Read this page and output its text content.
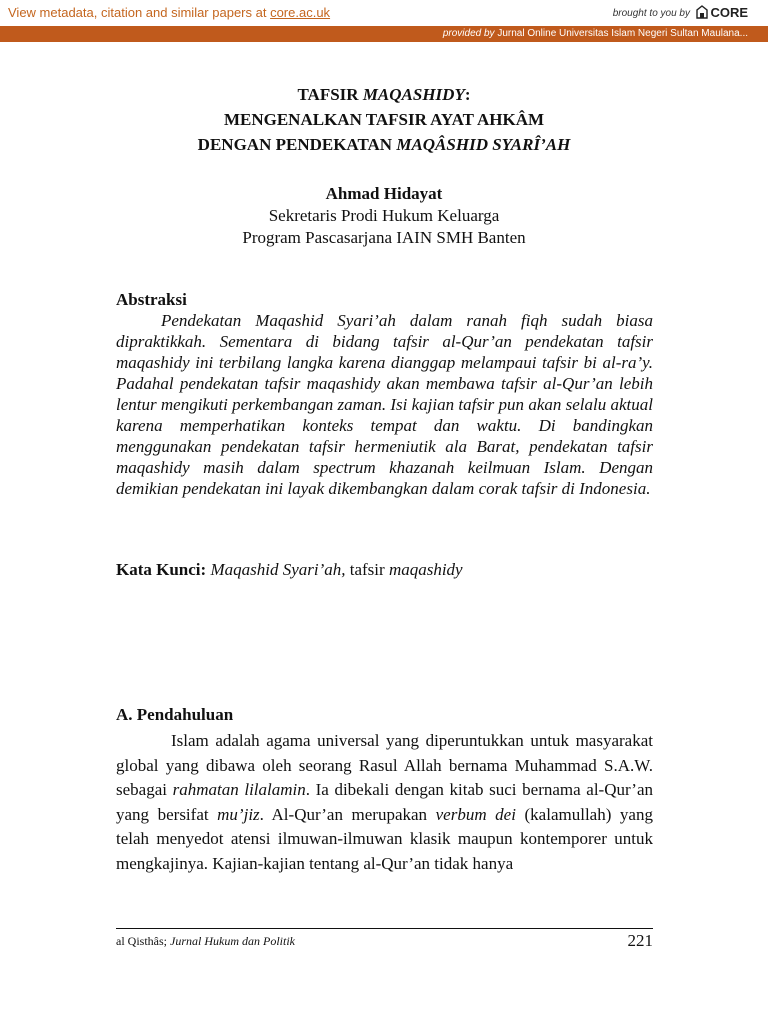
View metadata, citation and similar papers at core.ac.uk	brought to you by CORE
provided by Jurnal Online Universitas Islam Negeri Sultan Maulana...
TAFSIR MAQASHIDY:
MENGENALKAN TAFSIR AYAT AHKÂM
DENGAN PENDEKATAN MAQÂSHID SYARÎ’AH
Ahmad Hidayat
Sekretaris Prodi Hukum Keluarga
Program Pascasarjana IAIN SMH Banten
Abstraksi
Pendekatan Maqashid Syari’ah dalam ranah fiqh sudah biasa dipraktikkah. Sementara di bidang tafsir al-Qur’an pendekatan tafsir maqashidy ini terbilang langka karena dianggap melampaui tafsir bi al-ra’y. Padahal pendekatan tafsir maqashidy akan membawa tafsir al-Qur’an lebih lentur mengikuti perkembangan zaman. Isi kajian tafsir pun akan selalu aktual karena memperhatikan konteks tempat dan waktu. Di bandingkan menggunakan pendekatan tafsir hermeniutik ala Barat, pendekatan tafsir maqashidy masih dalam spectrum khazanah keilmuan Islam. Dengan demikian pendekatan ini layak dikembangkan dalam corak tafsir di Indonesia.
Kata Kunci: Maqashid Syari’ah, tafsir maqashidy
A. Pendahuluan
Islam adalah agama universal yang diperuntukkan untuk masyarakat global yang dibawa oleh seorang Rasul Allah bernama Muhammad S.A.W. sebagai rahmatan lilalamin. Ia dibekali dengan kitab suci bernama al-Qur’an yang bersifat mu’jiz. Al-Qur’an merupakan verbum dei (kalamullah) yang telah menyedot atensi ilmuwan-ilmuwan klasik maupun kontemporer untuk mengkajinya. Kajian-kajian tentang al-Qur’an tidak hanya
al Qisthâs; Jurnal Hukum dan Politik	221
